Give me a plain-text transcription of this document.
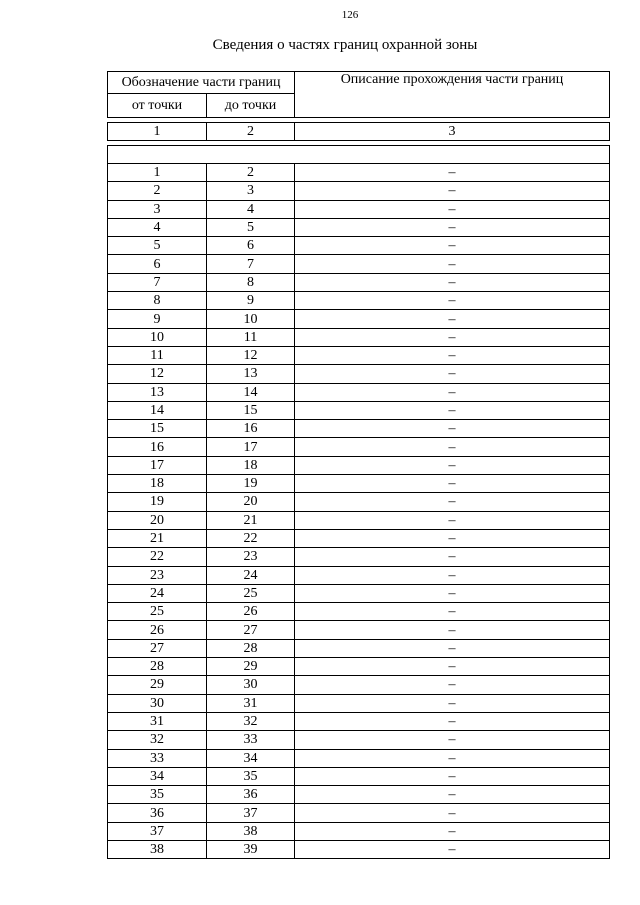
126
Сведения о частях границ охранной зоны
Обозначение части границ		Описание прохождения части границ
от точки	до точки	

1	2	3

1	2	–
2	3	–
3	4	–
4	5	–
5	6	–
6	7	–
7	8	–
8	9	–
9	10	–
10	11	–
11	12	–
12	13	–
13	14	–
14	15	–
15	16	–
16	17	–
17	18	–
18	19	–
19	20	–
20	21	–
21	22	–
22	23	–
23	24	–
24	25	–
25	26	–
26	27	–
27	28	–
28	29	–
29	30	–
30	31	–
31	32	–
32	33	–
33	34	–
34	35	–
35	36	–
36	37	–
37	38	–
38	39	–
